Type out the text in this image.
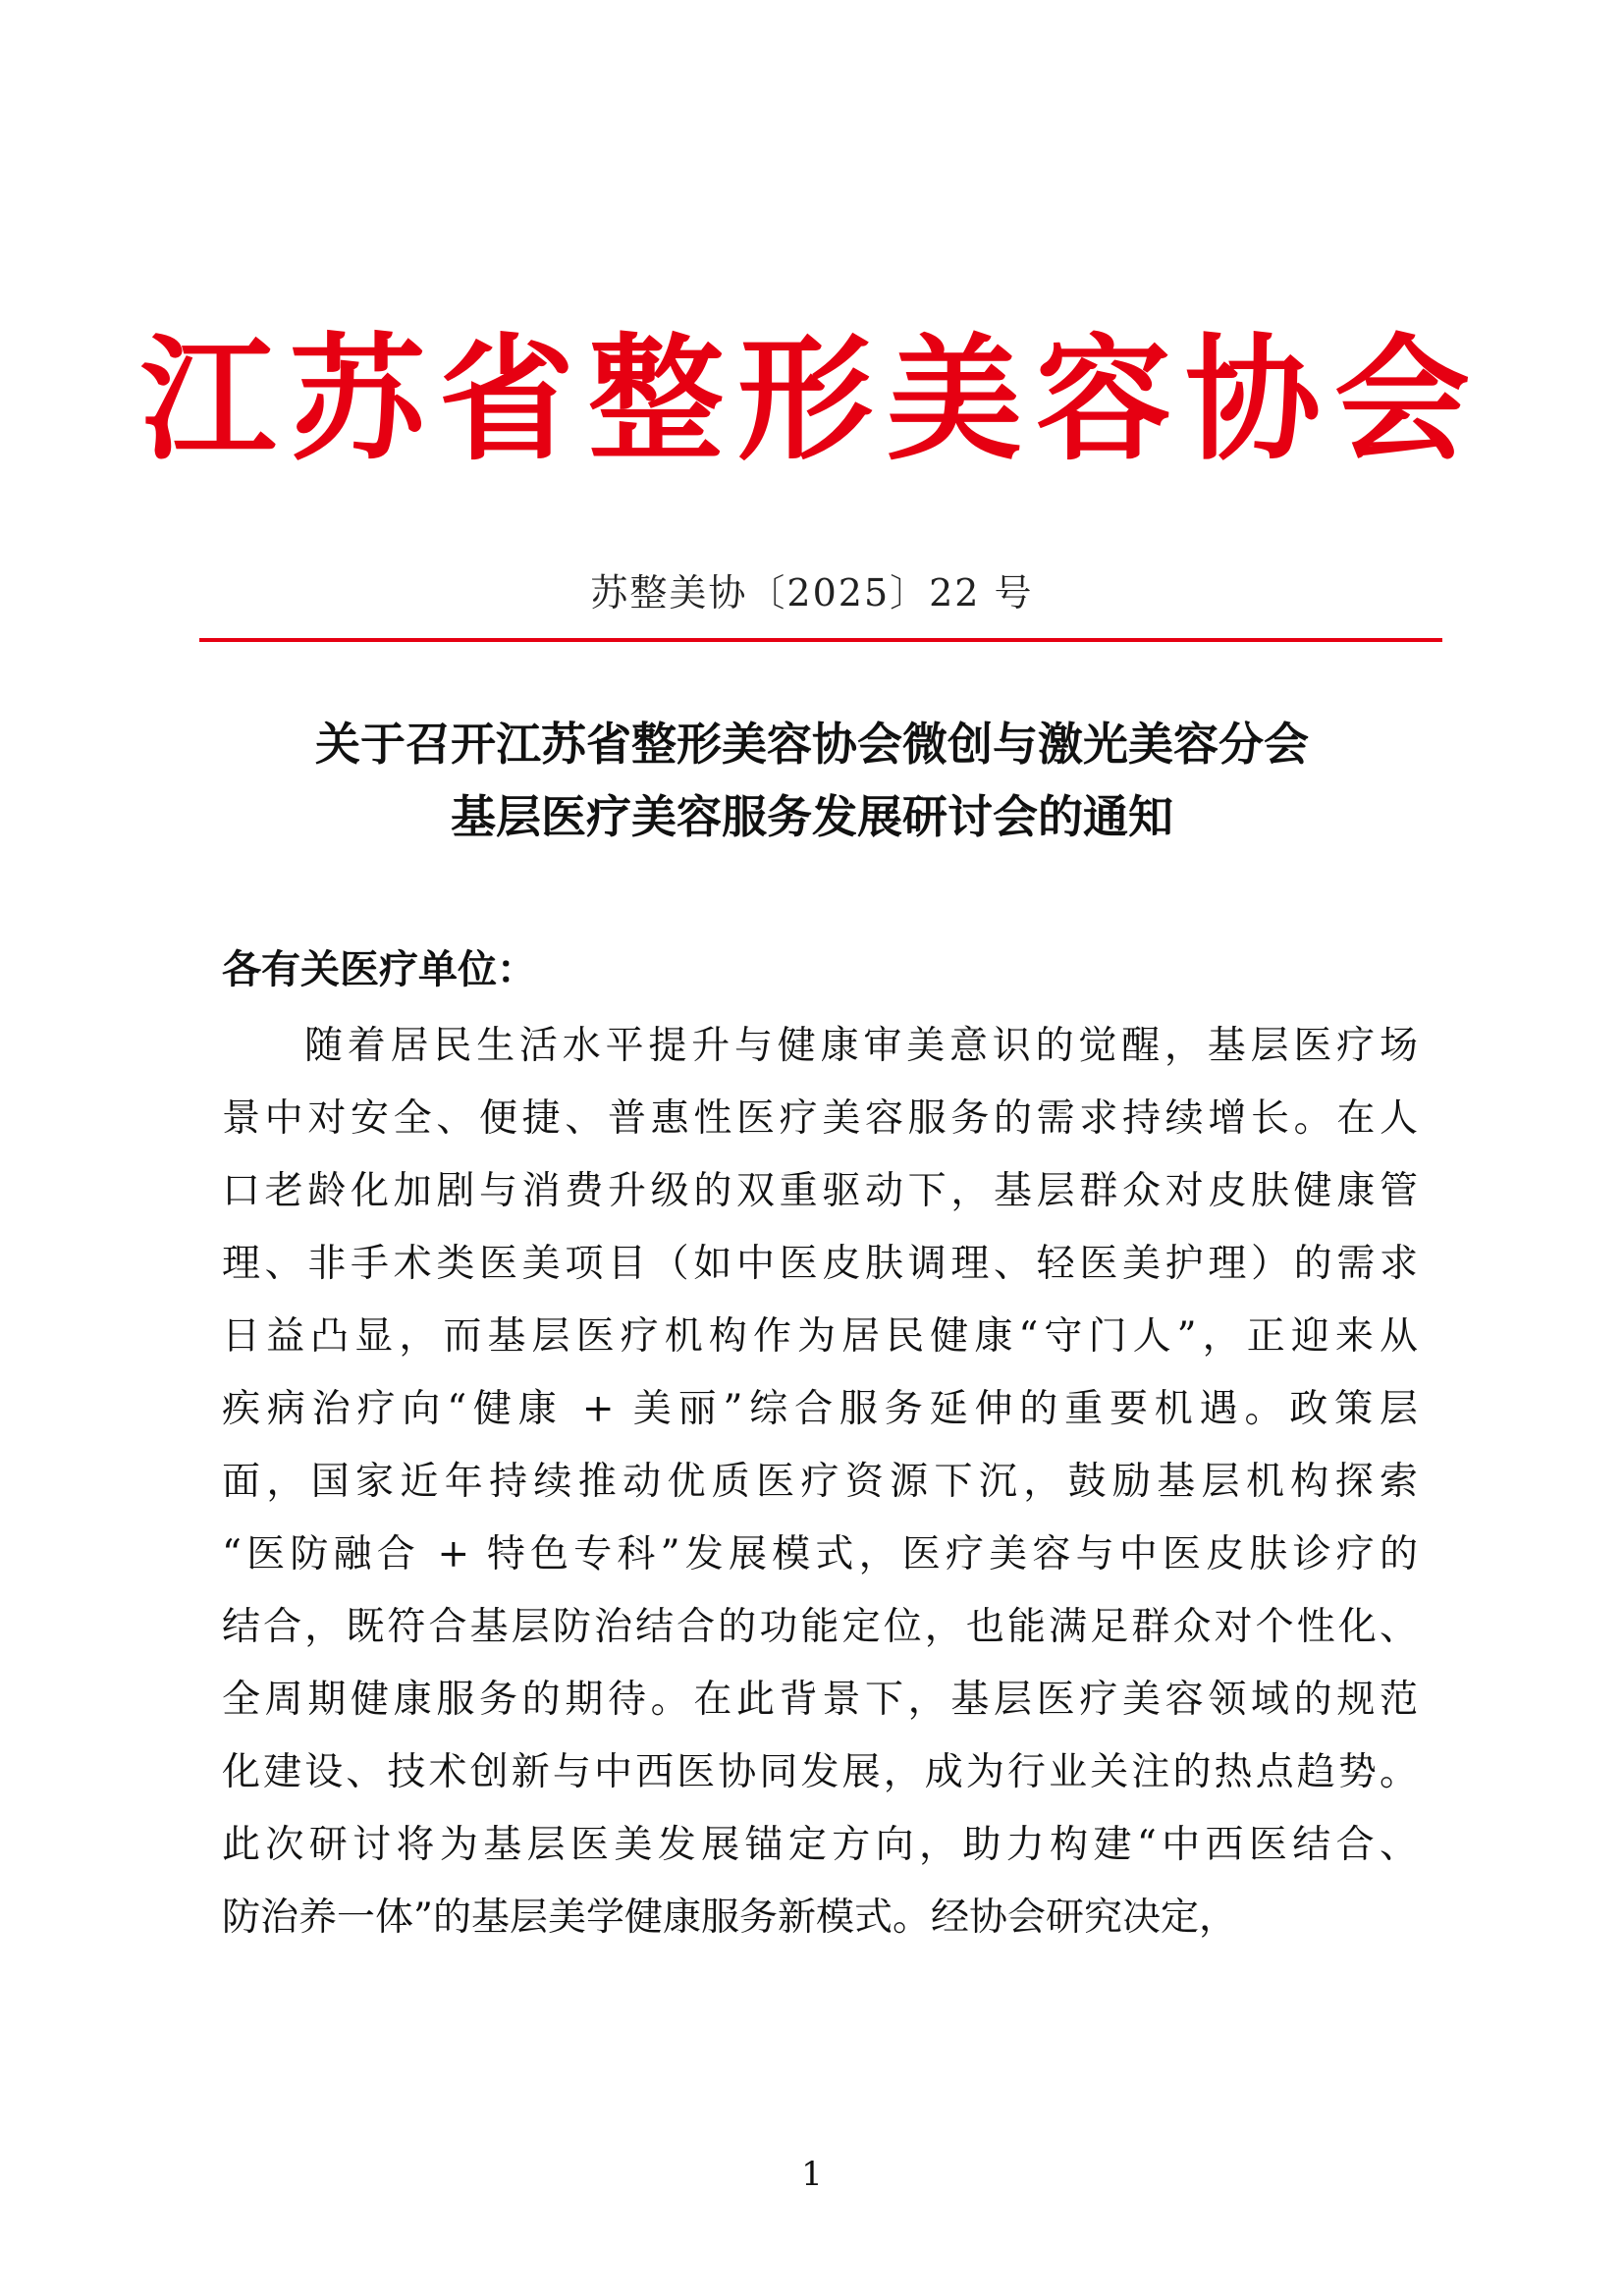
江苏省整形美容协会
苏整美协〔2025〕22 号
关于召开江苏省整形美容协会微创与激光美容分会
基层医疗美容服务发展研讨会的通知
各有关医疗单位：
随着居民生活水平提升与健康审美意识的觉醒，基层医疗场
景中对安全、便捷、普惠性医疗美容服务的需求持续增长。在人
口老龄化加剧与消费升级的双重驱动下，基层群众对皮肤健康管
理、非手术类医美项目（如中医皮肤调理、轻医美护理）的需求
日益凸显，而基层医疗机构作为居民健康“守门人”，正迎来从
疾病治疗向“健康 + 美丽”综合服务延伸的重要机遇。政策层
面，国家近年持续推动优质医疗资源下沉，鼓励基层机构探索
“医防融合 + 特色专科”发展模式，医疗美容与中医皮肤诊疗的
结合，既符合基层防治结合的功能定位，也能满足群众对个性化、
全周期健康服务的期待。在此背景下，基层医疗美容领域的规范
化建设、技术创新与中西医协同发展，成为行业关注的热点趋势。
此次研讨将为基层医美发展锚定方向，助力构建“中西医结合、
防治养一体”的基层美学健康服务新模式。经协会研究决定，
1
